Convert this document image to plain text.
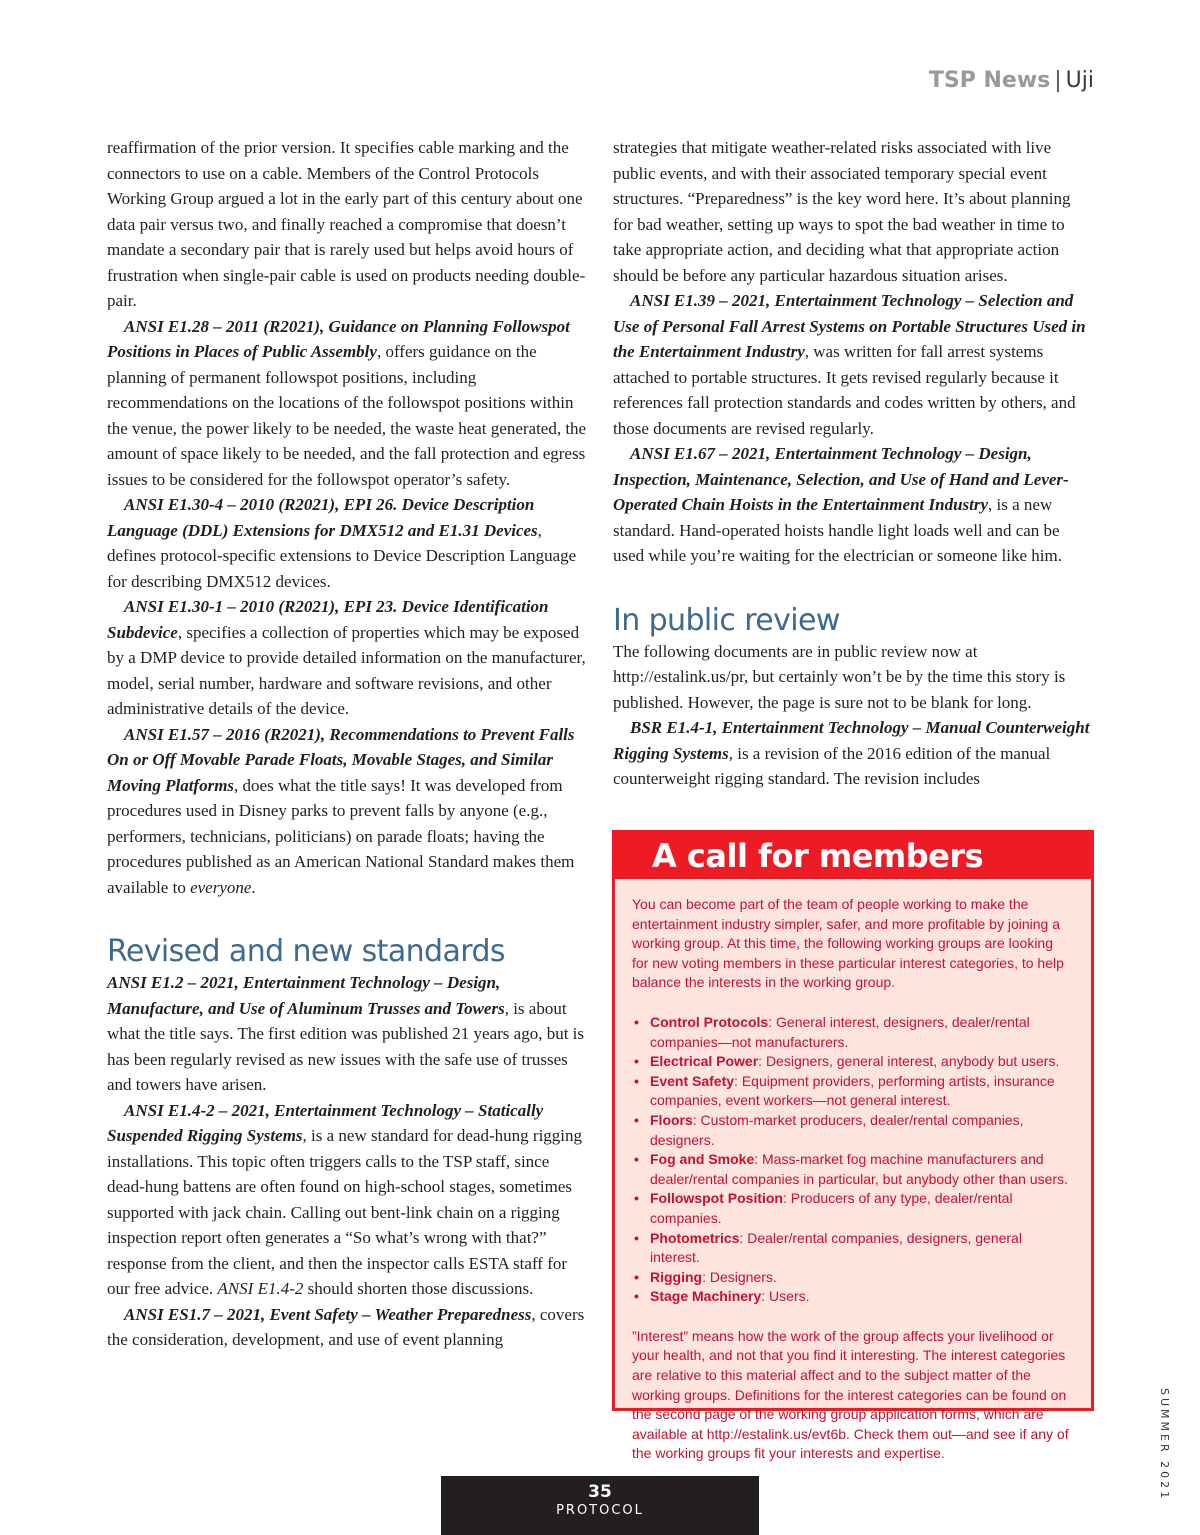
TSP News | Uji

reaffirmation of the prior version. It specifies cable marking and the connectors to use on a cable. Members of the Control Protocols Working Group argued a lot in the early part of this century about one data pair versus two, and finally reached a compromise that doesn’t mandate a secondary pair that is rarely used but helps avoid hours of frustration when single-pair cable is used on products needing double-pair.

ANSI E1.28 – 2011 (R2021), Guidance on Planning Followspot Positions in Places of Public Assembly, offers guidance on the planning of permanent followspot positions, including recommendations on the locations of the followspot positions within the venue, the power likely to be needed, the waste heat generated, the amount of space likely to be needed, and the fall protection and egress issues to be considered for the followspot operator’s safety.

ANSI E1.30-4 – 2010 (R2021), EPI 26. Device Description Language (DDL) Extensions for DMX512 and E1.31 Devices, defines protocol-specific extensions to Device Description Language for describing DMX512 devices.

ANSI E1.30-1 – 2010 (R2021), EPI 23. Device Identification Subdevice, specifies a collection of properties which may be exposed by a DMP device to provide detailed information on the manufacturer, model, serial number, hardware and software revisions, and other administrative details of the device.

ANSI E1.57 – 2016 (R2021), Recommendations to Prevent Falls On or Off Movable Parade Floats, Movable Stages, and Similar Moving Platforms, does what the title says! It was developed from procedures used in Disney parks to prevent falls by anyone (e.g., performers, technicians, politicians) on parade floats; having the procedures published as an American National Standard makes them available to everyone.

Revised and new standards

ANSI E1.2 – 2021, Entertainment Technology – Design, Manufacture, and Use of Aluminum Trusses and Towers, is about what the title says. The first edition was published 21 years ago, but is has been regularly revised as new issues with the safe use of trusses and towers have arisen.

ANSI E1.4-2 – 2021, Entertainment Technology – Statically Suspended Rigging Systems, is a new standard for dead-hung rigging installations. This topic often triggers calls to the TSP staff, since dead-hung battens are often found on high-school stages, sometimes supported with jack chain. Calling out bent-link chain on a rigging inspection report often generates a “So what’s wrong with that?” response from the client, and then the inspector calls ESTA staff for our free advice. ANSI E1.4-2 should shorten those discussions.

ANSI ES1.7 – 2021, Event Safety – Weather Preparedness, covers the consideration, development, and use of event planning

strategies that mitigate weather-related risks associated with live public events, and with their associated temporary special event structures. “Preparedness” is the key word here. It’s about planning for bad weather, setting up ways to spot the bad weather in time to take appropriate action, and deciding what that appropriate action should be before any particular hazardous situation arises.

ANSI E1.39 – 2021, Entertainment Technology – Selection and Use of Personal Fall Arrest Systems on Portable Structures Used in the Entertainment Industry, was written for fall arrest systems attached to portable structures. It gets revised regularly because it references fall protection standards and codes written by others, and those documents are revised regularly.

ANSI E1.67 – 2021, Entertainment Technology – Design, Inspection, Maintenance, Selection, and Use of Hand and Lever-Operated Chain Hoists in the Entertainment Industry, is a new standard. Hand-operated hoists handle light loads well and can be used while you’re waiting for the electrician or someone like him.

In public review

The following documents are in public review now at http://estalink.us/pr, but certainly won’t be by the time this story is published. However, the page is sure not to be blank for long.

BSR E1.4-1, Entertainment Technology – Manual Counterweight Rigging Systems, is a revision of the 2016 edition of the manual counterweight rigging standard. The revision includes

A call for members

You can become part of the team of people working to make the entertainment industry simpler, safer, and more profitable by joining a working group. At this time, the following working groups are looking for new voting members in these particular interest categories, to help balance the interests in the working group.

• Control Protocols: General interest, designers, dealer/rental companies—not manufacturers.
• Electrical Power: Designers, general interest, anybody but users.
• Event Safety: Equipment providers, performing artists, insurance companies, event workers—not general interest.
• Floors: Custom-market producers, dealer/rental companies, designers.
• Fog and Smoke: Mass-market fog machine manufacturers and dealer/rental companies in particular, but anybody other than users.
• Followspot Position: Producers of any type, dealer/rental companies.
• Photometrics: Dealer/rental companies, designers, general interest.
• Rigging: Designers.
• Stage Machinery: Users.

”Interest” means how the work of the group affects your livelihood or your health, and not that you find it interesting. The interest categories are relative to this material affect and to the subject matter of the working groups. Definitions for the interest categories can be found on the second page of the working group application forms, which are available at http://estalink.us/evt6b. Check them out—and see if any of the working groups fit your interests and expertise.	SUMMER 2021
35
PROTOCOL
